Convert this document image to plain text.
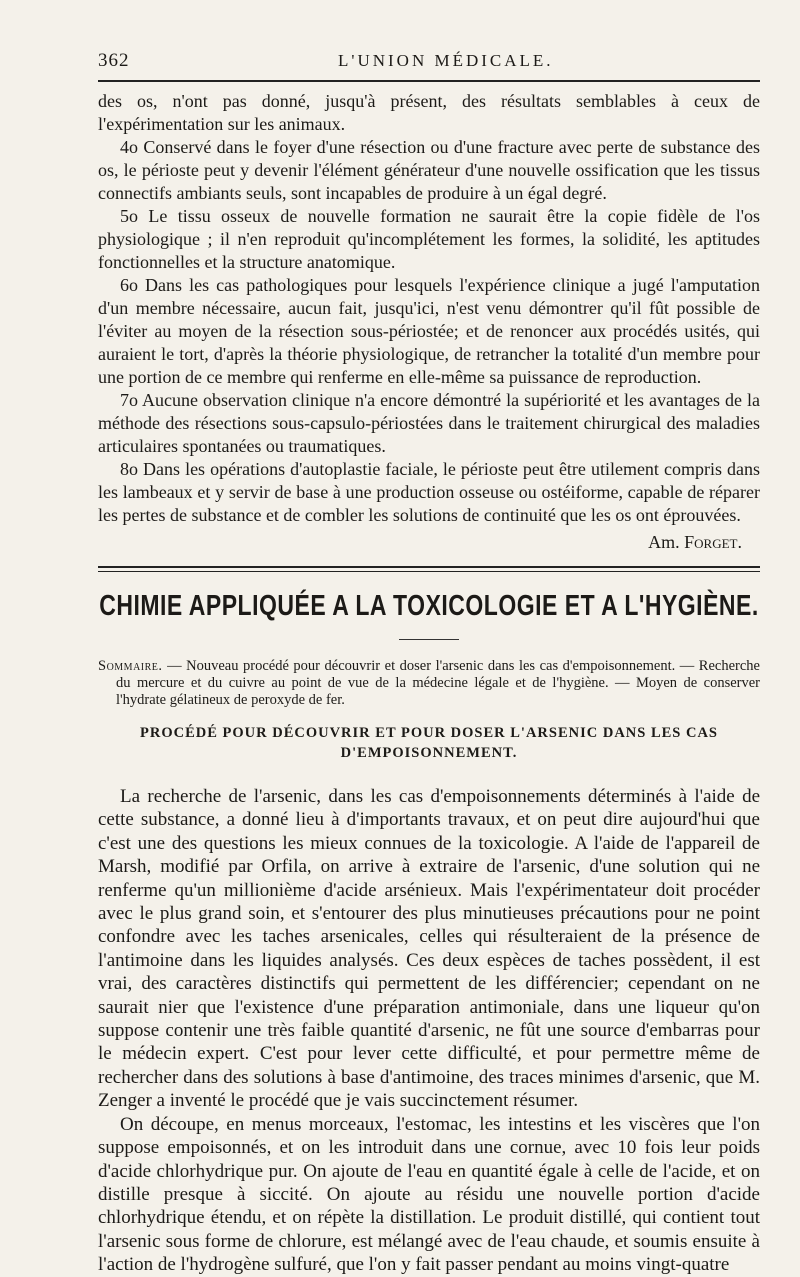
362	L'UNION MÉDICALE.

des os, n'ont pas donné, jusqu'à présent, des résultats semblables à ceux de l'expérimentation sur les animaux.

4o Conservé dans le foyer d'une résection ou d'une fracture avec perte de substance des os, le périoste peut y devenir l'élément générateur d'une nouvelle ossification que les tissus connectifs ambiants seuls, sont incapables de produire à un égal degré.

5o Le tissu osseux de nouvelle formation ne saurait être la copie fidèle de l'os physiologique ; il n'en reproduit qu'incomplétement les formes, la solidité, les aptitudes fonctionnelles et la structure anatomique.

6o Dans les cas pathologiques pour lesquels l'expérience clinique a jugé l'amputation d'un membre nécessaire, aucun fait, jusqu'ici, n'est venu démontrer qu'il fût possible de l'éviter au moyen de la résection sous-périostée; et de renoncer aux procédés usités, qui auraient le tort, d'après la théorie physiologique, de retrancher la totalité d'un membre pour une portion de ce membre qui renferme en elle-même sa puissance de reproduction.

7o Aucune observation clinique n'a encore démontré la supériorité et les avantages de la méthode des résections sous-capsulo-périostées dans le traitement chirurgical des maladies articulaires spontanées ou traumatiques.

8o Dans les opérations d'autoplastie faciale, le périoste peut être utilement compris dans les lambeaux et y servir de base à une production osseuse ou ostéiforme, capable de réparer les pertes de substance et de combler les solutions de continuité que les os ont éprouvées.

Am. Forget.
CHIMIE APPLIQUÉE A LA TOXICOLOGIE ET A L'HYGIÈNE.

Sommaire. — Nouveau procédé pour découvrir et doser l'arsenic dans les cas d'empoisonnement. — Recherche du mercure et du cuivre au point de vue de la médecine légale et de l'hygiène. — Moyen de conserver l'hydrate gélatineux de peroxyde de fer.

PROCÉDÉ POUR DÉCOUVRIR ET POUR DOSER L'ARSENIC DANS LES CAS D'EMPOISONNEMENT.

La recherche de l'arsenic, dans les cas d'empoisonnements déterminés à l'aide de cette substance, a donné lieu à d'importants travaux, et on peut dire aujourd'hui que c'est une des questions les mieux connues de la toxicologie. A l'aide de l'appareil de Marsh, modifié par Orfila, on arrive à extraire de l'arsenic, d'une solution qui ne renferme qu'un millionième d'acide arsénieux. Mais l'expérimentateur doit procéder avec le plus grand soin, et s'entourer des plus minutieuses précautions pour ne point confondre avec les taches arsenicales, celles qui résulteraient de la présence de l'antimoine dans les liquides analysés. Ces deux espèces de taches possèdent, il est vrai, des caractères distinctifs qui permettent de les différencier; cependant on ne saurait nier que l'existence d'une préparation antimoniale, dans une liqueur qu'on suppose contenir une très faible quantité d'arsenic, ne fût une source d'embarras pour le médecin expert. C'est pour lever cette difficulté, et pour permettre même de rechercher dans des solutions à base d'antimoine, des traces minimes d'arsenic, que M. Zenger a inventé le procédé que je vais succinctement résumer.

On découpe, en menus morceaux, l'estomac, les intestins et les viscères que l'on suppose empoisonnés, et on les introduit dans une cornue, avec 10 fois leur poids d'acide chlorhydrique pur. On ajoute de l'eau en quantité égale à celle de l'acide, et on distille presque à siccité. On ajoute au résidu une nouvelle portion d'acide chlorhydrique étendu, et on répète la distillation. Le produit distillé, qui contient tout l'arsenic sous forme de chlorure, est mélangé avec de l'eau chaude, et soumis ensuite à l'action de l'hydrogène sulfuré, que l'on y fait passer pendant au moins vingt-quatre
